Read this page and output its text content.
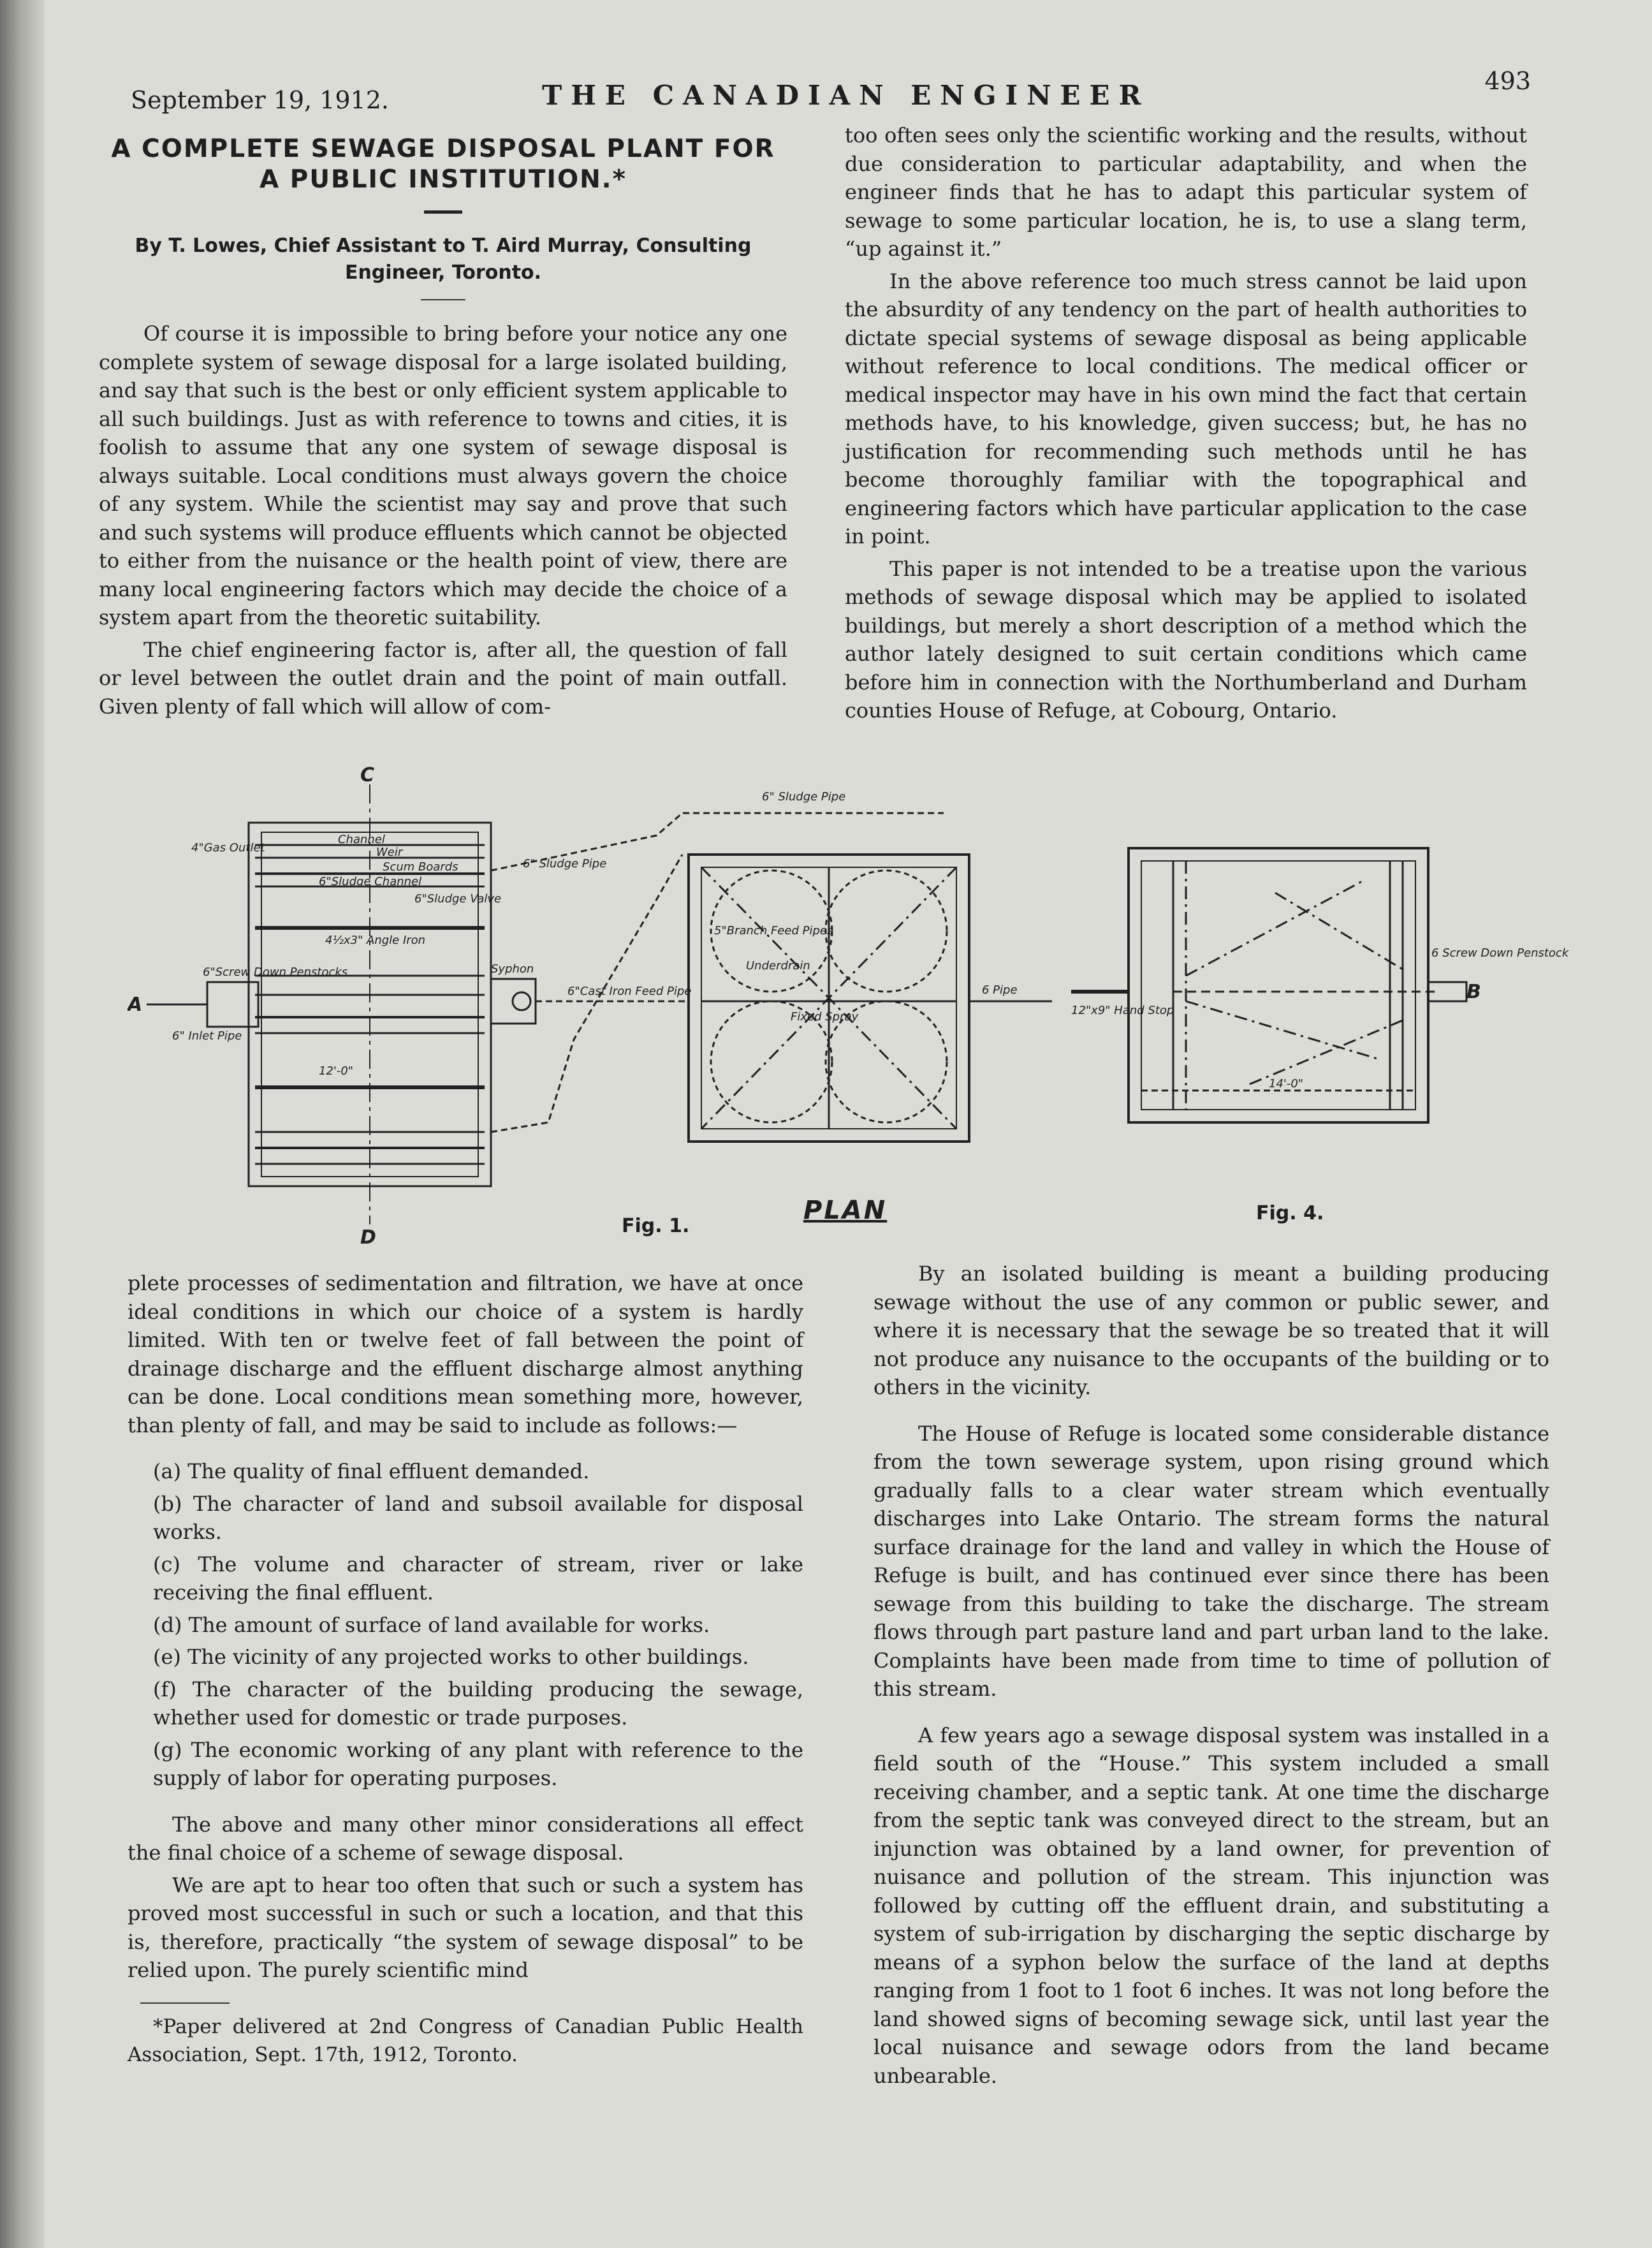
September 19, 1912.	THE CANADIAN ENGINEER	493
A COMPLETE SEWAGE DISPOSAL PLANT FOR
A PUBLIC INSTITUTION.*
By T. Lowes, Chief Assistant to T. Aird Murray, Consulting
Engineer, Toronto.

Of course it is impossible to bring before your notice any one complete system of sewage disposal for a large isolated building, and say that such is the best or only efficient system applicable to all such buildings. Just as with reference to towns and cities, it is foolish to assume that any one system of sewage disposal is always suitable. Local conditions must always govern the choice of any system. While the scientist may say and prove that such and such systems will produce effluents which cannot be objected to either from the nuisance or the health point of view, there are many local engineering factors which may decide the choice of a system apart from the theoretic suitability.

The chief engineering factor is, after all, the question of fall or level between the outlet drain and the point of main outfall. Given plenty of fall which will allow of com-

too often sees only the scientific working and the results, without due consideration to particular adaptability, and when the engineer finds that he has to adapt this particular system of sewage to some particular location, he is, to use a slang term, “up against it.”

In the above reference too much stress cannot be laid upon the absurdity of any tendency on the part of health authorities to dictate special systems of sewage disposal as being applicable without reference to local conditions. The medical officer or medical inspector may have in his own mind the fact that certain methods have, to his knowledge, given success; but, he has no justification for recommending such methods until he has become thoroughly familiar with the topographical and engineering factors which have particular application to the case in point.

This paper is not intended to be a treatise upon the various methods of sewage disposal which may be applied to isolated buildings, but merely a short description of a method which the author lately designed to suit certain conditions which came before him in connection with the Northumberland and Durham counties House of Refuge, at Cobourg, Ontario.

C
D
A
B
4"Gas Outlet
Channel
Weir
Scum Boards
6"Sludge Channel
6"Sludge Valve
4½x3" Angle Iron
6" Inlet Pipe
6"Screw Down Penstocks	Syphon
6"Cast Iron Feed Pipe
6" Sludge Pipe
6" Sludge Pipe
Fixed Spray
5"Branch Feed Pipes
Underdrain
6 Pipe
12"x9" Hand Stop
6 Screw Down Penstock
12'-0"
14'-0"
Fig. 1.
PLAN	Fig. 4.

plete processes of sedimentation and filtration, we have at once ideal conditions in which our choice of a system is hardly limited. With ten or twelve feet of fall between the point of drainage discharge and the effluent discharge almost anything can be done. Local conditions mean something more, however, than plenty of fall, and may be said to include as follows:—

(a) The quality of final effluent demanded.

(b) The character of land and subsoil available for disposal works.

(c) The volume and character of stream, river or lake receiving the final effluent.

(d) The amount of surface of land available for works.

(e) The vicinity of any projected works to other buildings.

(f) The character of the building producing the sewage, whether used for domestic or trade purposes.

(g) The economic working of any plant with reference to the supply of labor for operating purposes.

The above and many other minor considerations all effect the final choice of a scheme of sewage disposal.

We are apt to hear too often that such or such a system has proved most successful in such or such a location, and that this is, therefore, practically “the system of sewage disposal” to be relied upon. The purely scientific mind

*Paper delivered at 2nd Congress of Canadian Public Health Association, Sept. 17th, 1912, Toronto.

By an isolated building is meant a building producing sewage without the use of any common or public sewer, and where it is necessary that the sewage be so treated that it will not produce any nuisance to the occupants of the building or to others in the vicinity.

The House of Refuge is located some considerable distance from the town sewerage system, upon rising ground which gradually falls to a clear water stream which eventually discharges into Lake Ontario. The stream forms the natural surface drainage for the land and valley in which the House of Refuge is built, and has continued ever since there has been sewage from this building to take the discharge. The stream flows through part pasture land and part urban land to the lake. Complaints have been made from time to time of pollution of this stream.

A few years ago a sewage disposal system was installed in a field south of the “House.” This system included a small receiving chamber, and a septic tank. At one time the discharge from the septic tank was conveyed direct to the stream, but an injunction was obtained by a land owner, for prevention of nuisance and pollution of the stream. This injunction was followed by cutting off the effluent drain, and substituting a system of sub-irrigation by discharging the septic discharge by means of a syphon below the surface of the land at depths ranging from 1 foot to 1 foot 6 inches. It was not long before the land showed signs of becoming sewage sick, until last year the local nuisance and sewage odors from the land became unbearable.
